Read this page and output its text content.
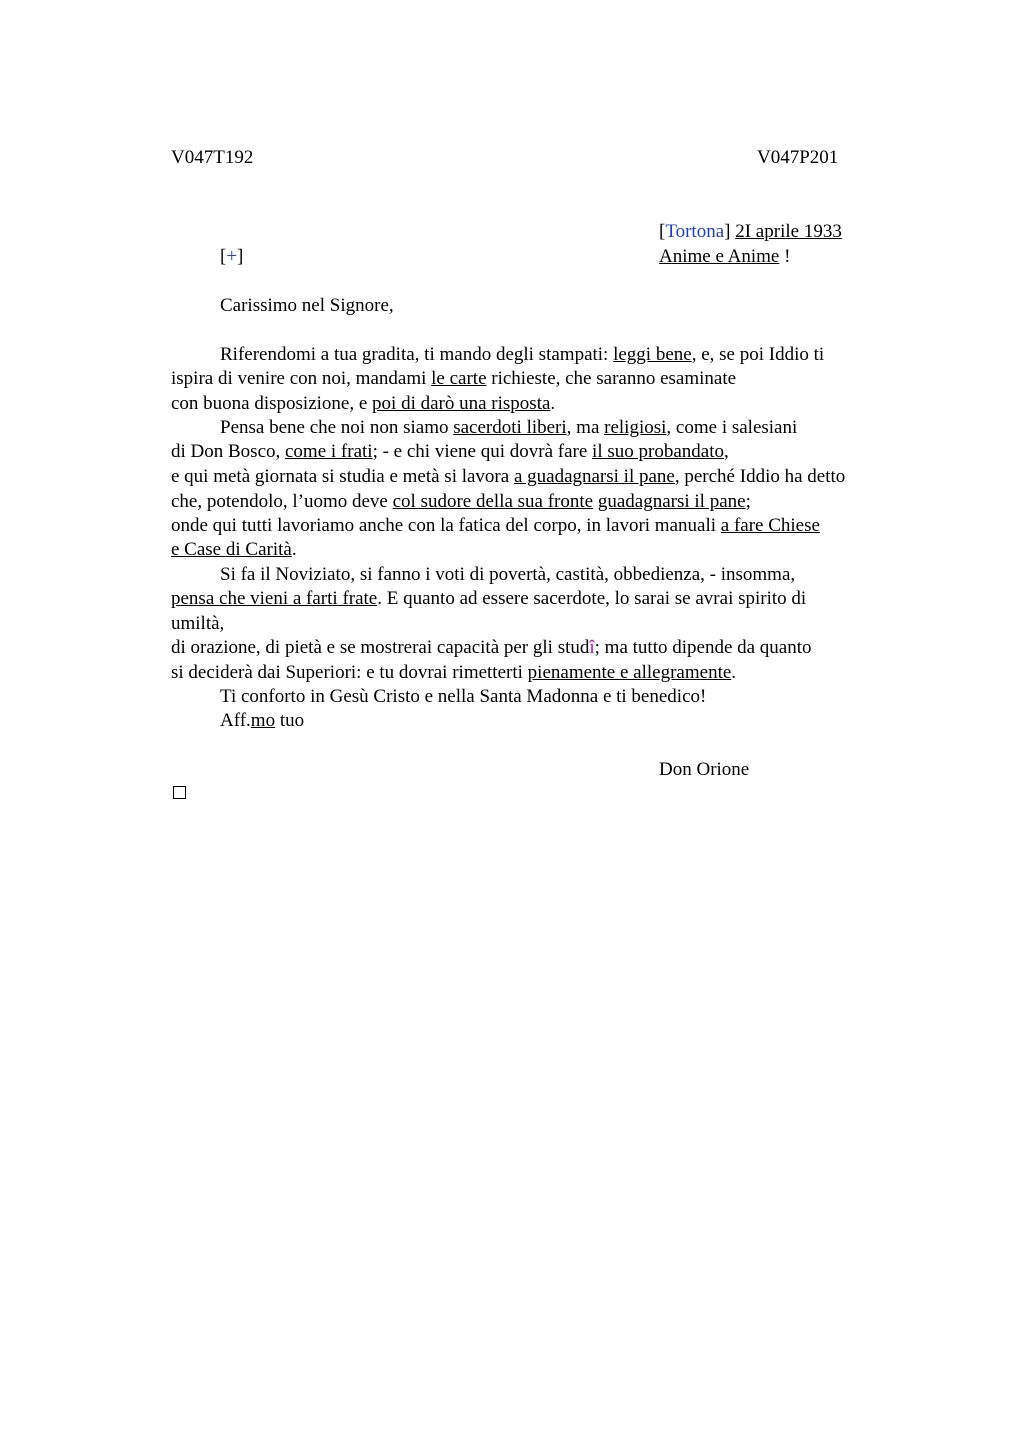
V047T192	V047P201
[Tortona] 2I aprile 1933
[+]	Anime e Anime !
Carissimo nel Signore,
Riferendomi a tua gradita, ti mando degli stampati: leggi bene, e, se poi Iddio ti
ispira di venire con noi, mandami le carte richieste, che saranno esaminate
con buona disposizione, e poi di darò una risposta.
Pensa bene che noi non siamo sacerdoti liberi, ma religiosi, come i salesiani
di Don Bosco, come i frati; - e chi viene qui dovrà fare il suo probandato,
e qui metà giornata si studia e metà si lavora a guadagnarsi il pane, perché Iddio ha detto
che, potendolo, l’uomo deve col sudore della sua fronte guadagnarsi il pane;
onde qui tutti lavoriamo anche con la fatica del corpo, in lavori manuali a fare Chiese
e Case di Carità.
Si fa il Noviziato, si fanno i voti di povertà, castità, obbedienza, - insomma,
pensa che vieni a farti frate. E quanto ad essere sacerdote, lo sarai se avrai spirito di
umiltà,
di orazione, di pietà e se mostrerai capacità per gli studî; ma tutto dipende da quanto
si deciderà dai Superiori: e tu dovrai rimetterti pienamente e allegramente.
Ti conforto in Gesù Cristo e nella Santa Madonna e ti benedico!
Aff.mo tuo
Don Orione
